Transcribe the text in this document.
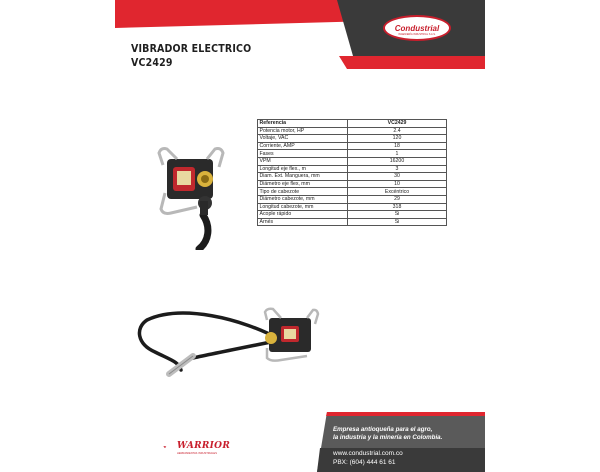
Condustrial
INGENIERÍA INDUSTRIAL S.A.S.
VIBRADOR ELECTRICO
VC2429
Referencia	VC2429
Potencia motor, HP	2.4
Voltaje, VAC	120
Corriente, AMP	18
Fases	1
VPM	16200
Longitud eje flex., m	3
Diam. Ext. Manguera, mm	30
Diámetro eje flex, mm	10
Tipo de cabezote	Excéntrico
Diámetro cabezote, mm	29
Longitud cabezote, mm	318
Acople rápido	Si
Arnés	Si
Empresa antioqueña para el agro,
la industria y la minería en Colombia.
www.condustrial.com.co
PBX: (604) 444 61 61
WARRIOR
HERRAMIENTAS INDUSTRIALES
